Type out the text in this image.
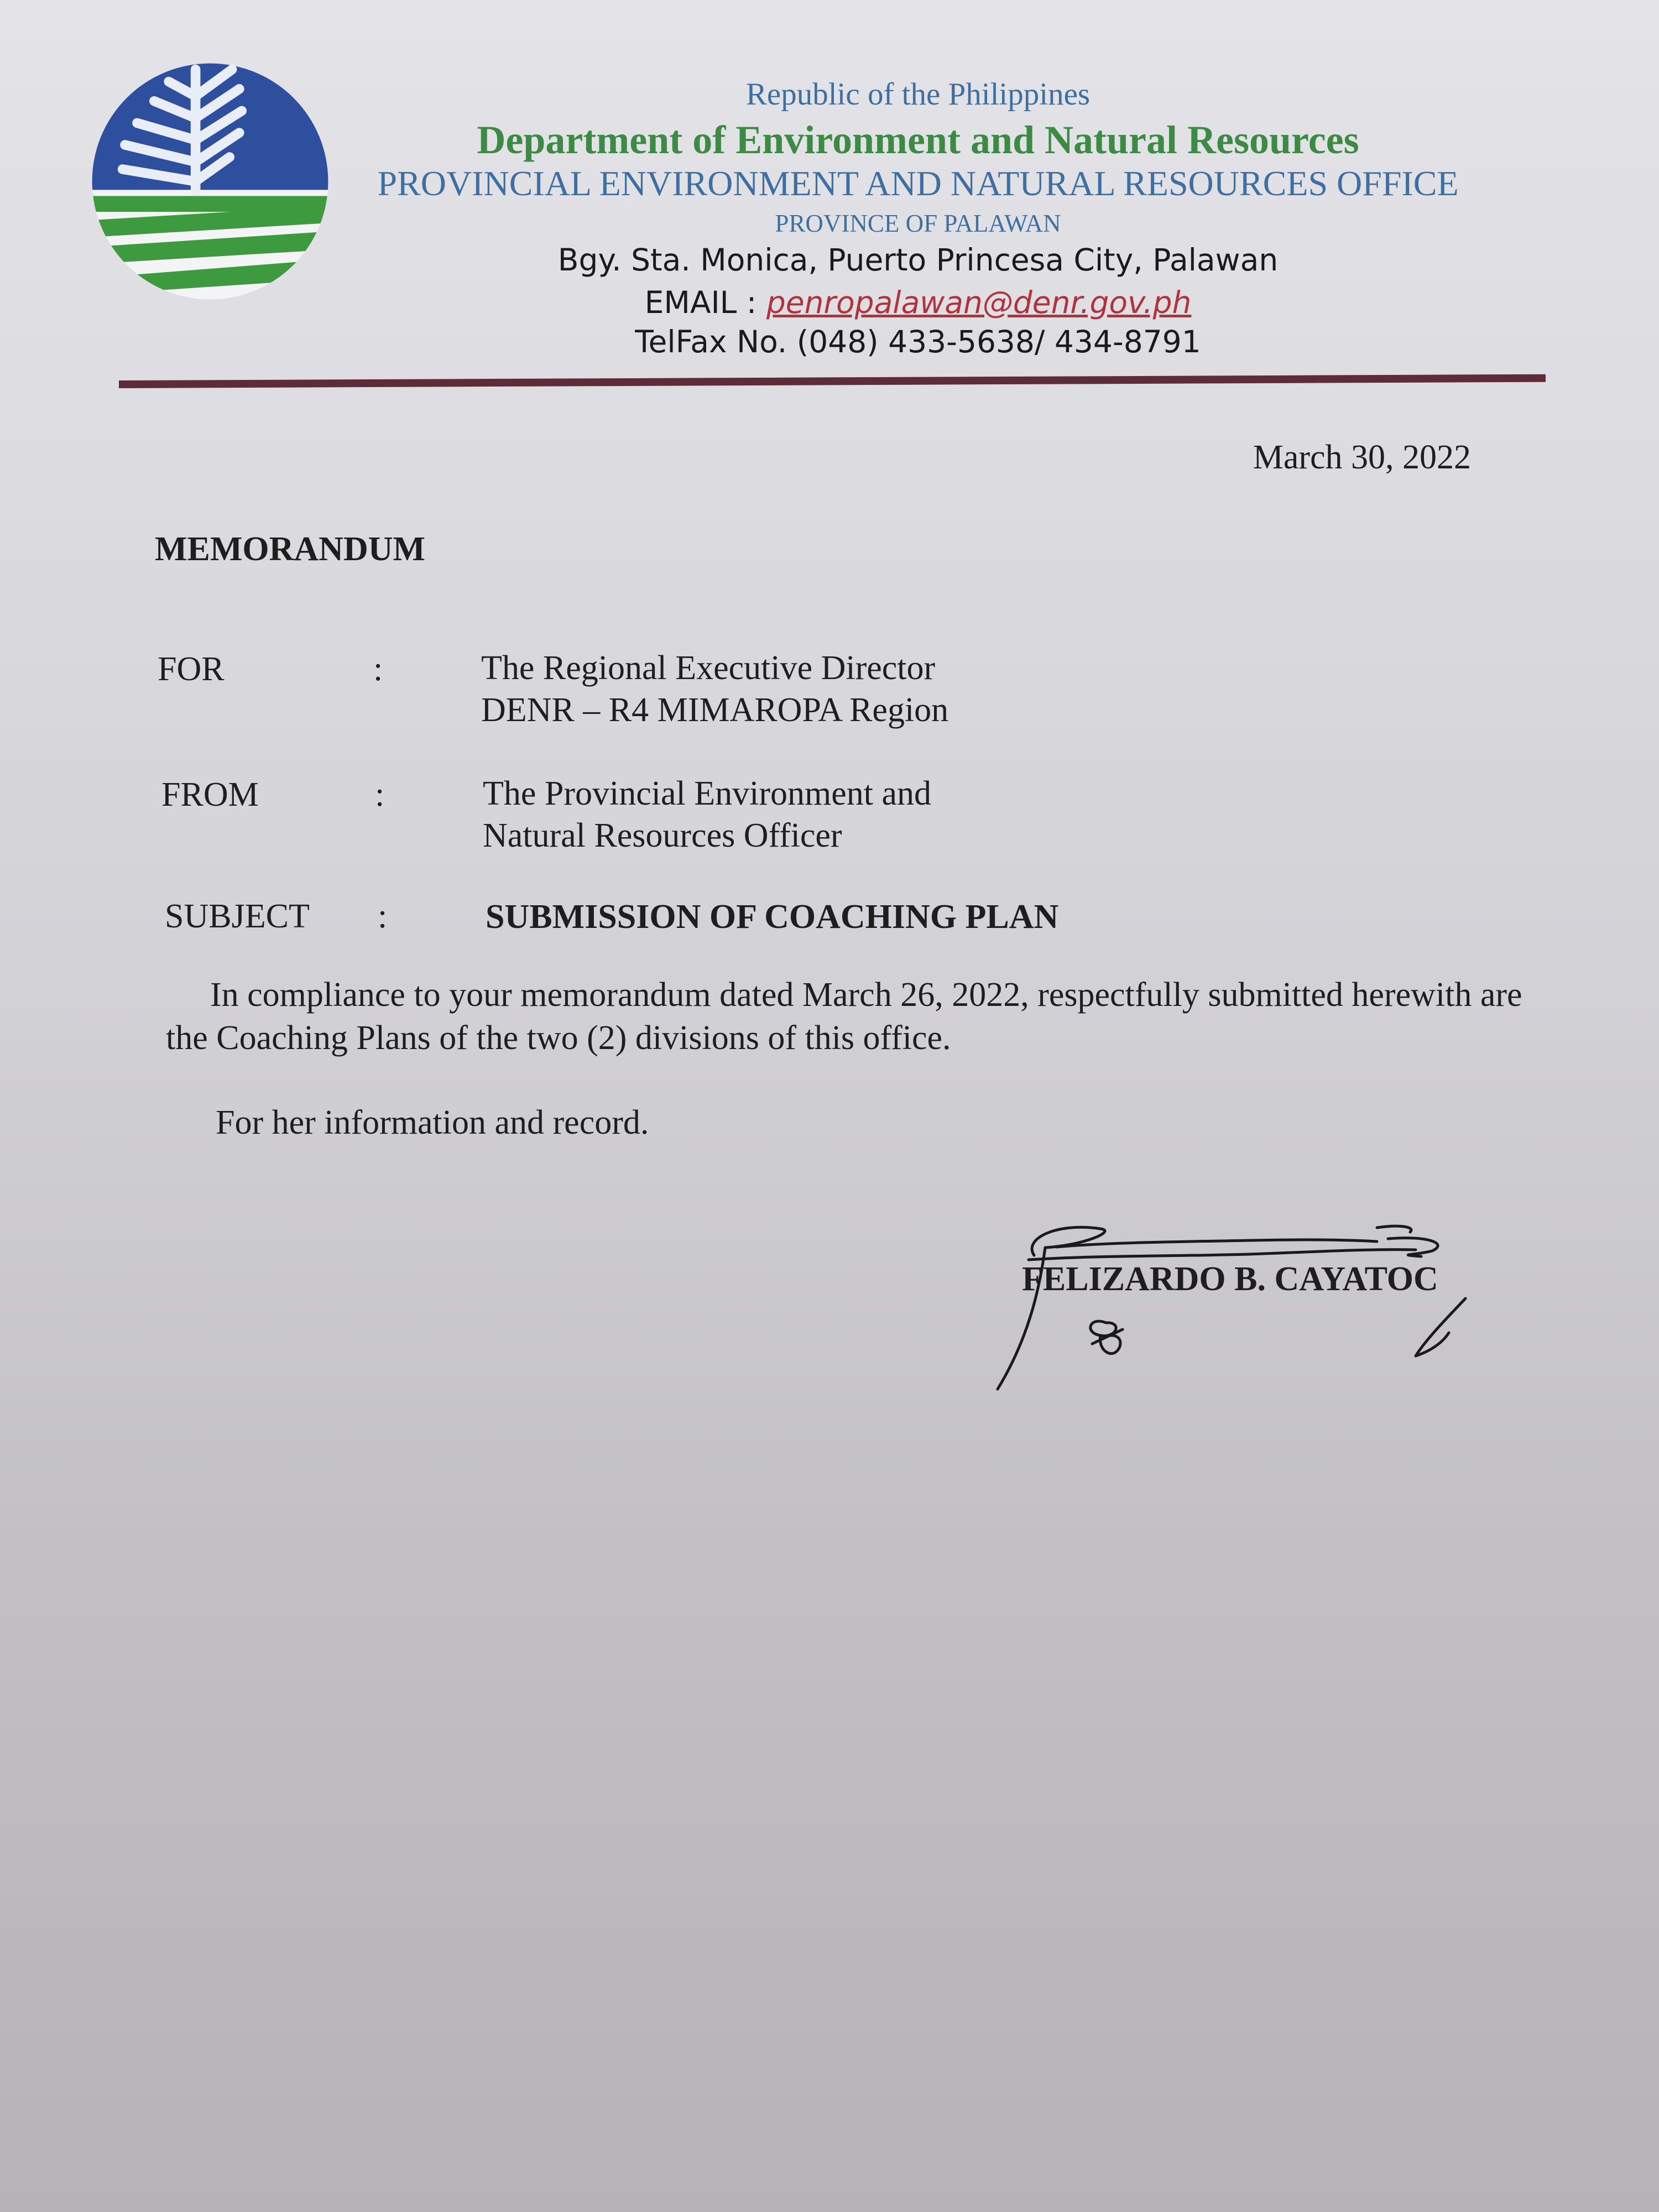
Republic of the Philippines
Department of Environment and Natural Resources
PROVINCIAL ENVIRONMENT AND NATURAL RESOURCES OFFICE
PROVINCE OF PALAWAN
Bgy. Sta. Monica, Puerto Princesa City, Palawan
EMAIL : penropalawan@denr.gov.ph
TelFax No. (048) 433-5638/ 434-8791
March 30, 2022
MEMORANDUM
FOR	:	The Regional Executive Director
DENR – R4 MIMAROPA Region
FROM	:	The Provincial Environment and
Natural Resources Officer
SUBJECT :	SUBMISSION OF COACHING PLAN
In compliance to your memorandum dated March 26, 2022, respectfully submitted herewith are the Coaching Plans of the two (2) divisions of this office.
For her information and record.
FELIZARDO B. CAYATOC
